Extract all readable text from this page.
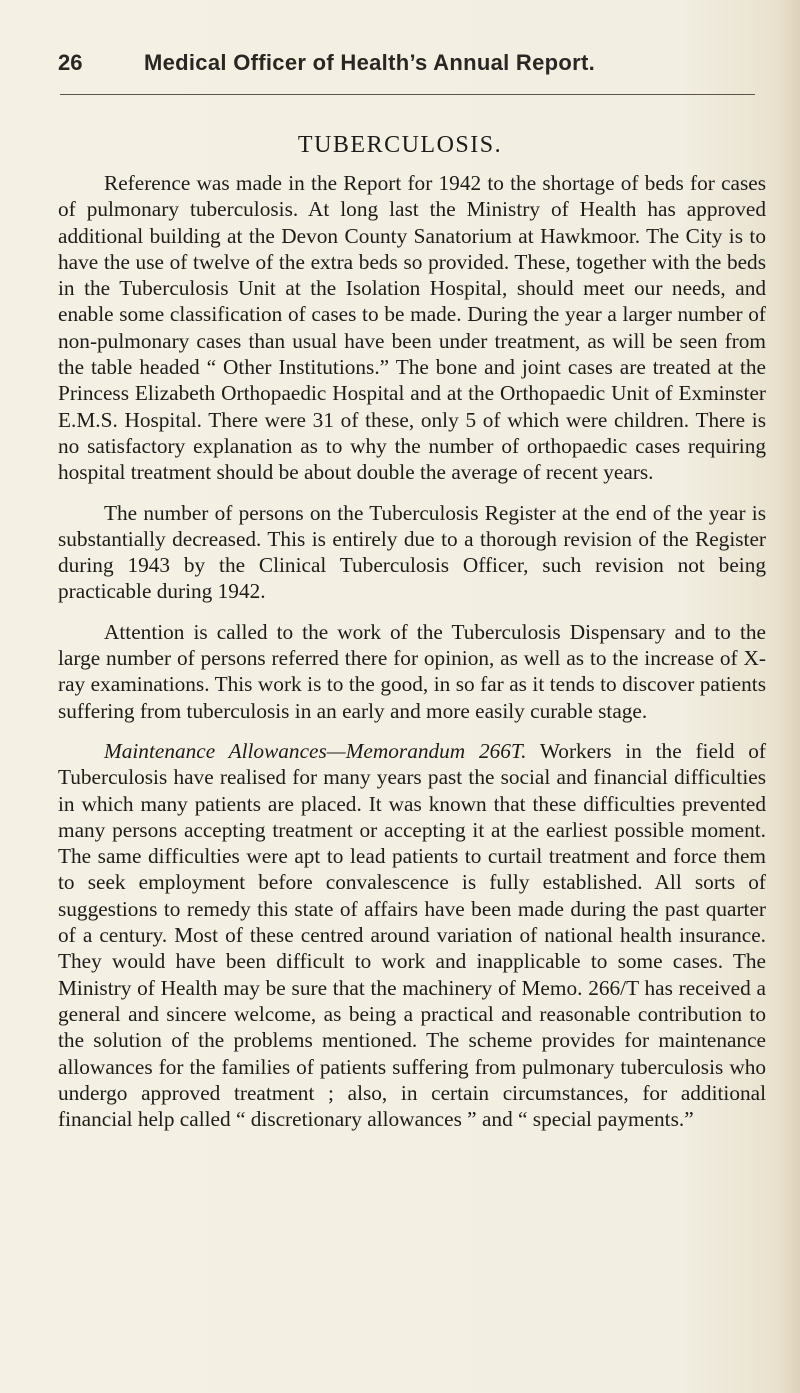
26	Medical Officer of Health’s Annual Report.
TUBERCULOSIS.

Reference was made in the Report for 1942 to the shortage of beds for cases of pulmonary tuberculosis. At long last the Ministry of Health has approved additional building at the Devon County Sanatorium at Hawkmoor. The City is to have the use of twelve of the extra beds so provided. These, together with the beds in the Tuberculosis Unit at the Isolation Hospital, should meet our needs, and enable some classification of cases to be made. During the year a larger number of non-pulmonary cases than usual have been under treatment, as will be seen from the table headed “ Other Institutions.” The bone and joint cases are treated at the Princess Elizabeth Orthopaedic Hospital and at the Orthopaedic Unit of Exminster E.M.S. Hospital. There were 31 of these, only 5 of which were children. There is no satisfactory explanation as to why the number of orthopaedic cases requiring hospital treatment should be about double the average of recent years.

The number of persons on the Tuberculosis Register at the end of the year is substantially decreased. This is entirely due to a thorough revision of the Register during 1943 by the Clinical Tuberculosis Officer, such revision not being practicable during 1942.

Attention is called to the work of the Tuberculosis Dispensary and to the large number of persons referred there for opinion, as well as to the increase of X-ray examinations. This work is to the good, in so far as it tends to discover patients suffering from tuberculosis in an early and more easily curable stage.

Maintenance Allowances—Memorandum 266T. Workers in the field of Tuberculosis have realised for many years past the social and financial difficulties in which many patients are placed. It was known that these difficulties prevented many persons accepting treatment or accepting it at the earliest possible moment. The same difficulties were apt to lead patients to curtail treatment and force them to seek employment before convalescence is fully established. All sorts of suggestions to remedy this state of affairs have been made during the past quarter of a century. Most of these centred around variation of national health insurance. They would have been difficult to work and inapplicable to some cases. The Ministry of Health may be sure that the machinery of Memo. 266/T has received a general and sincere welcome, as being a practical and reasonable contribution to the solution of the problems mentioned. The scheme provides for maintenance allowances for the families of patients suffering from pulmonary tuberculosis who undergo approved treatment ; also, in certain circumstances, for additional financial help called “ discretionary allowances ” and “ special payments.”
